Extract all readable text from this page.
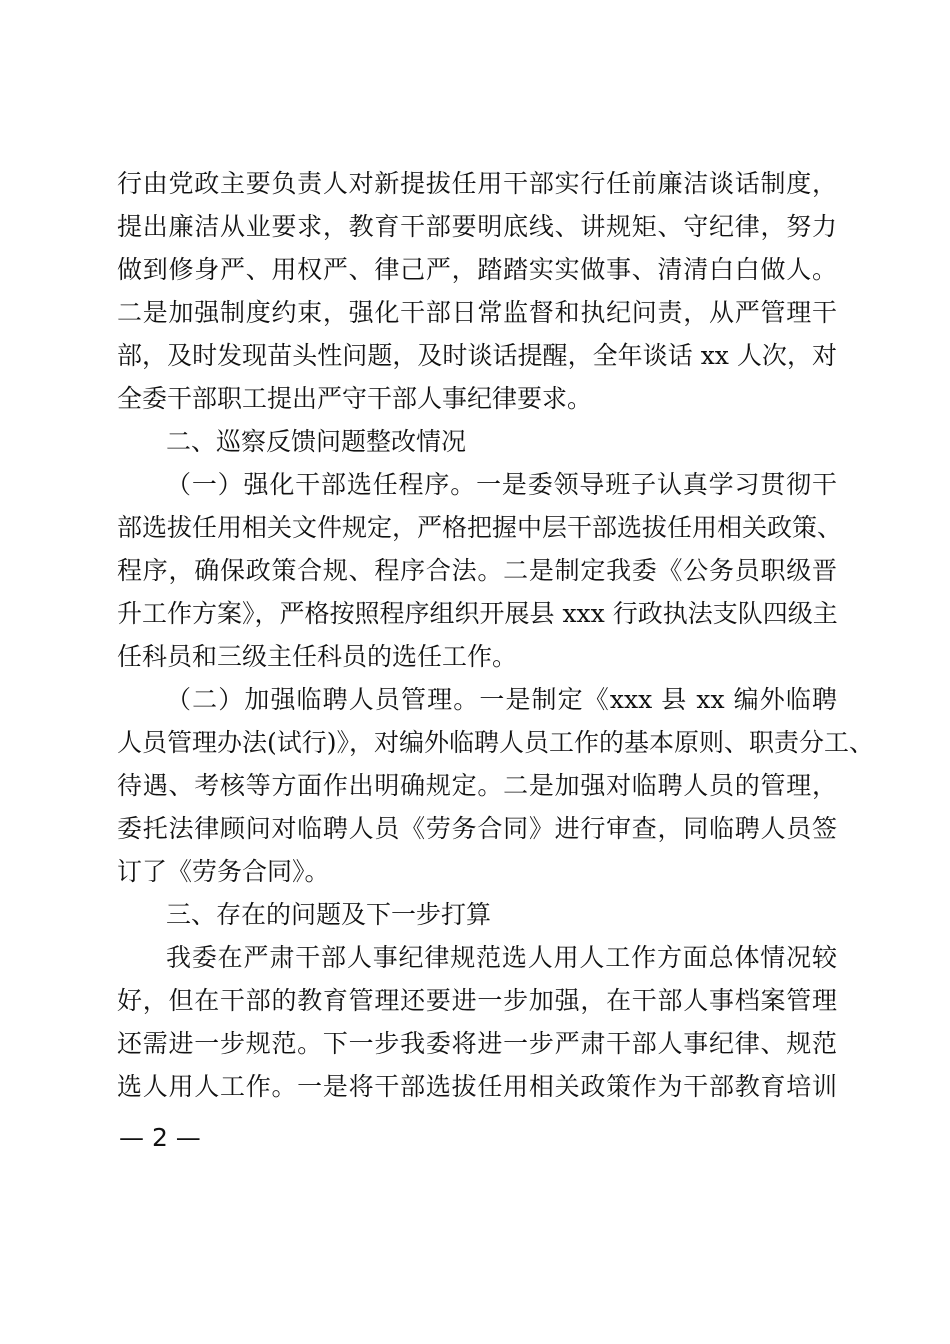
行由党政主要负责人对新提拔任用干部实行任前廉洁谈话制度，
提出廉洁从业要求，教育干部要明底线、讲规矩、守纪律，努力
做到修身严、用权严、律己严，踏踏实实做事、清清白白做人。
二是加强制度约束，强化干部日常监督和执纪问责，从严管理干
部，及时发现苗头性问题，及时谈话提醒，全年谈话 xx 人次，对
全委干部职工提出严守干部人事纪律要求。
二、巡察反馈问题整改情况
（一）强化干部选任程序。一是委领导班子认真学习贯彻干
部选拔任用相关文件规定，严格把握中层干部选拔任用相关政策、
程序，确保政策合规、程序合法。二是制定我委《公务员职级晋
升工作方案》，严格按照程序组织开展县 xxx 行政执法支队四级主
任科员和三级主任科员的选任工作。
（二）加强临聘人员管理。一是制定《xxx 县 xx 编外临聘
人员管理办法(试行)》，对编外临聘人员工作的基本原则、职责分工、
待遇、考核等方面作出明确规定。二是加强对临聘人员的管理，
委托法律顾问对临聘人员《劳务合同》进行审查，同临聘人员签
订了《劳务合同》。
三、存在的问题及下一步打算
我委在严肃干部人事纪律规范选人用人工作方面总体情况较
好，但在干部的教育管理还要进一步加强，在干部人事档案管理
还需进一步规范。下一步我委将进一步严肃干部人事纪律、规范
选人用人工作。一是将干部选拔任用相关政策作为干部教育培训
— 2 —
